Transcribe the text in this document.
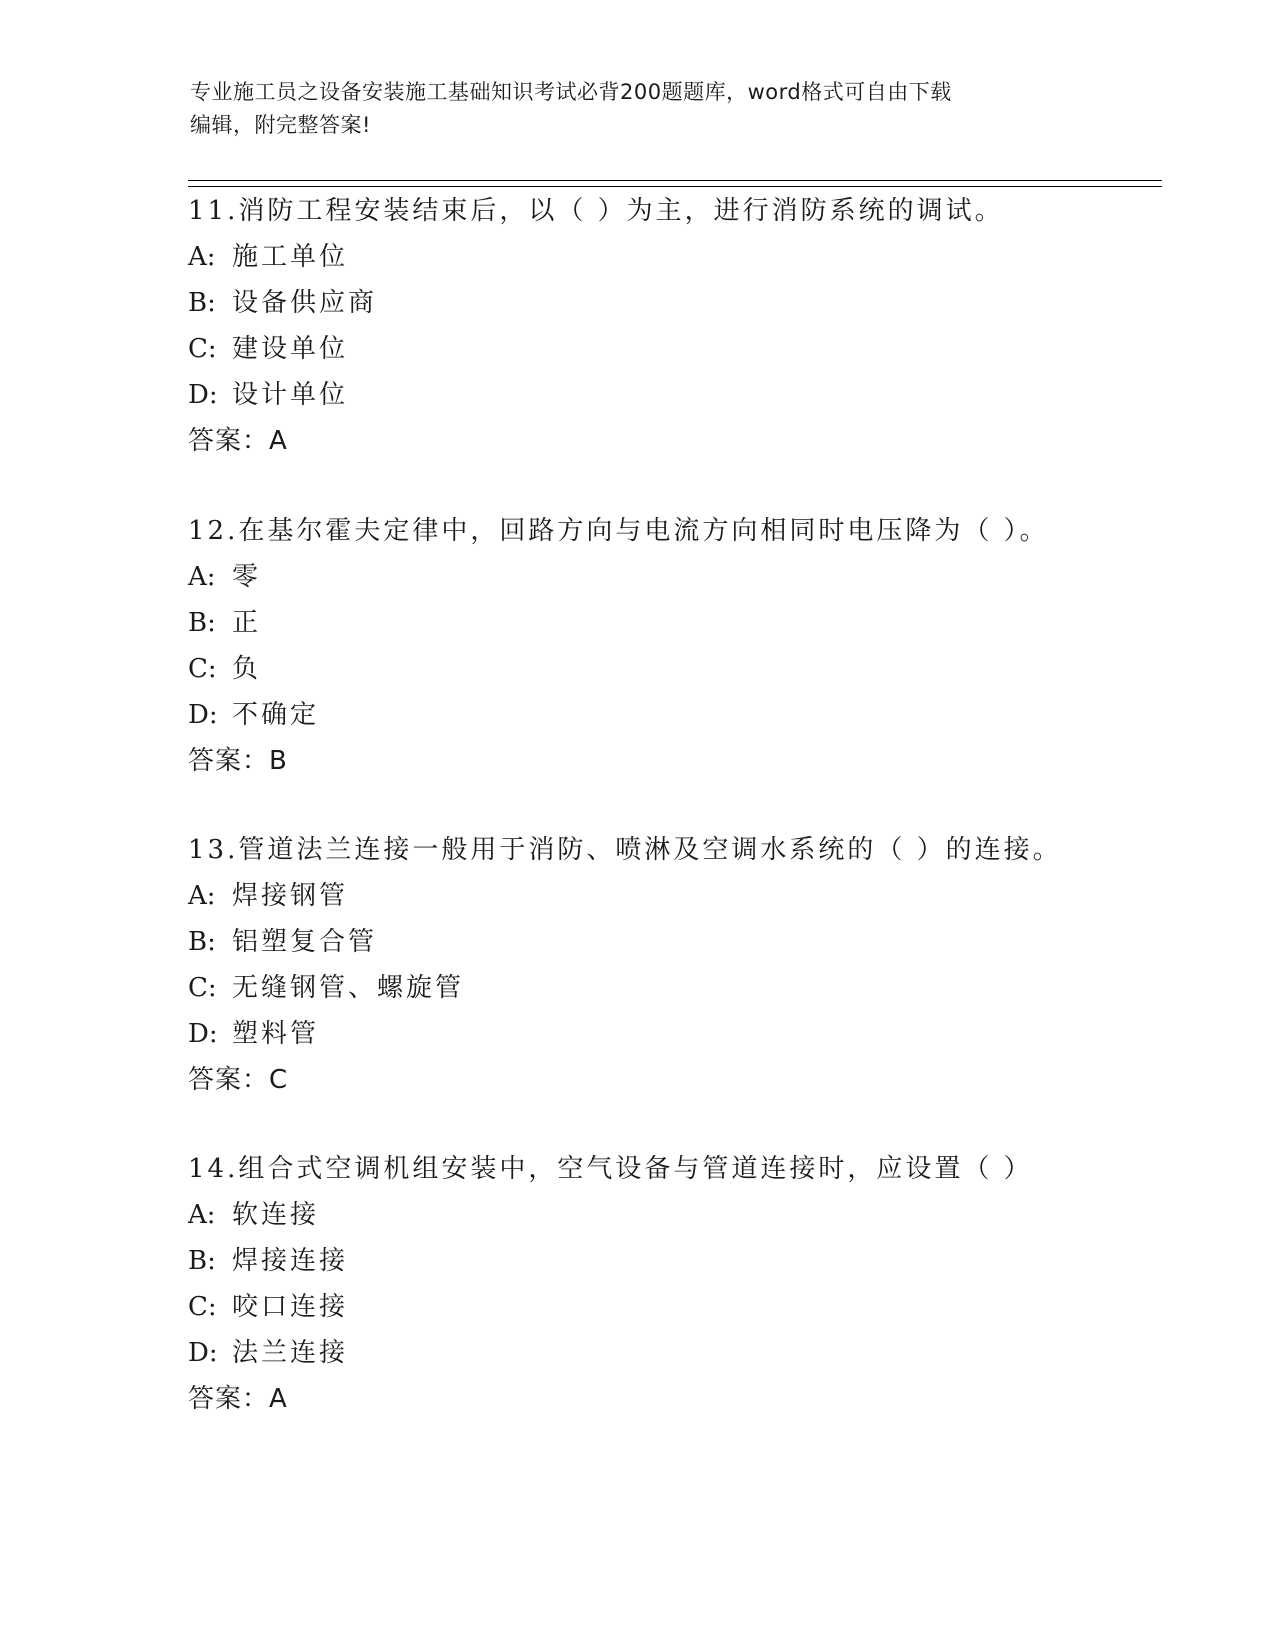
专业施工员之设备安装施工基础知识考试必背200题题库，word格式可自由下载
编辑，附完整答案!
11.消防工程安装结束后，以（ ）为主，进行消防系统的调试。
A: 施工单位
B: 设备供应商
C: 建设单位
D: 设计单位
答案：A
12.在基尔霍夫定律中，回路方向与电流方向相同时电压降为（ ）。
A: 零
B: 正
C: 负
D: 不确定
答案：B
13.管道法兰连接一般用于消防、喷淋及空调水系统的（ ）的连接。
A: 焊接钢管
B: 铝塑复合管
C: 无缝钢管、螺旋管
D: 塑料管
答案：C
14.组合式空调机组安装中，空气设备与管道连接时，应设置（ ）
A: 软连接
B: 焊接连接
C: 咬口连接
D: 法兰连接
答案：A
